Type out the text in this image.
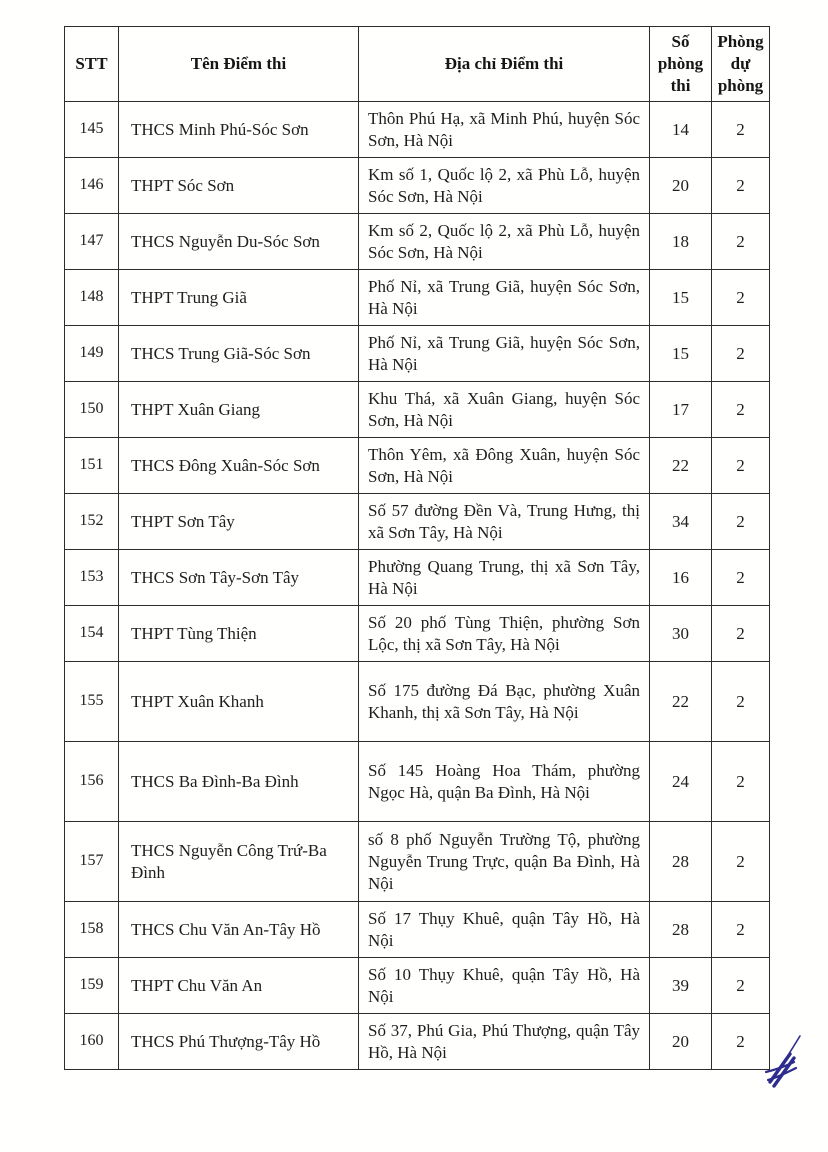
STT	Tên Điểm thi	Địa chỉ Điểm thi	Số phòng thi	Phòng dự phòng
145	THCS Minh Phú-Sóc Sơn	Thôn Phú Hạ, xã Minh Phú, huyện Sóc Sơn, Hà Nội	14	2
146	THPT Sóc Sơn	Km số 1, Quốc lộ 2, xã Phù Lỗ, huyện Sóc Sơn, Hà Nội	20	2
147	THCS Nguyễn Du-Sóc Sơn	Km số 2, Quốc lộ 2, xã Phù Lỗ, huyện Sóc Sơn, Hà Nội	18	2
148	THPT Trung Giã	Phố Nỉ, xã Trung Giã, huyện Sóc Sơn, Hà Nội	15	2
149	THCS Trung Giã-Sóc Sơn	Phố Nỉ, xã Trung Giã, huyện Sóc Sơn, Hà Nội	15	2
150	THPT Xuân Giang	Khu Thá, xã Xuân Giang, huyện Sóc Sơn, Hà Nội	17	2
151	THCS Đông Xuân-Sóc Sơn	Thôn Yêm, xã Đông Xuân, huyện Sóc Sơn, Hà Nội	22	2
152	THPT Sơn Tây	Số 57 đường Đền Và, Trung Hưng, thị xã Sơn Tây, Hà Nội	34	2
153	THCS Sơn Tây-Sơn Tây	Phường Quang Trung, thị xã Sơn Tây, Hà Nội	16	2
154	THPT Tùng Thiện	Số 20 phố Tùng Thiện, phường Sơn Lộc, thị xã Sơn Tây, Hà Nội	30	2
155	THPT Xuân Khanh	Số 175 đường Đá Bạc, phường Xuân Khanh, thị xã Sơn Tây, Hà Nội	22	2
156	THCS Ba Đình-Ba Đình	Số 145 Hoàng Hoa Thám, phường Ngọc Hà, quận Ba Đình, Hà Nội	24	2
157	THCS Nguyễn Công Trứ-Ba Đình	số 8 phố Nguyễn Trường Tộ, phường Nguyễn Trung Trực, quận Ba Đình, Hà Nội	28	2
158	THCS Chu Văn An-Tây Hồ	Số 17 Thụy Khuê, quận Tây Hồ, Hà Nội	28	2
159	THPT Chu Văn An	Số 10 Thụy Khuê, quận Tây Hồ, Hà Nội	39	2
160	THCS Phú Thượng-Tây Hồ	Số 37, Phú Gia, Phú Thượng, quận Tây Hồ, Hà Nội	20	2
